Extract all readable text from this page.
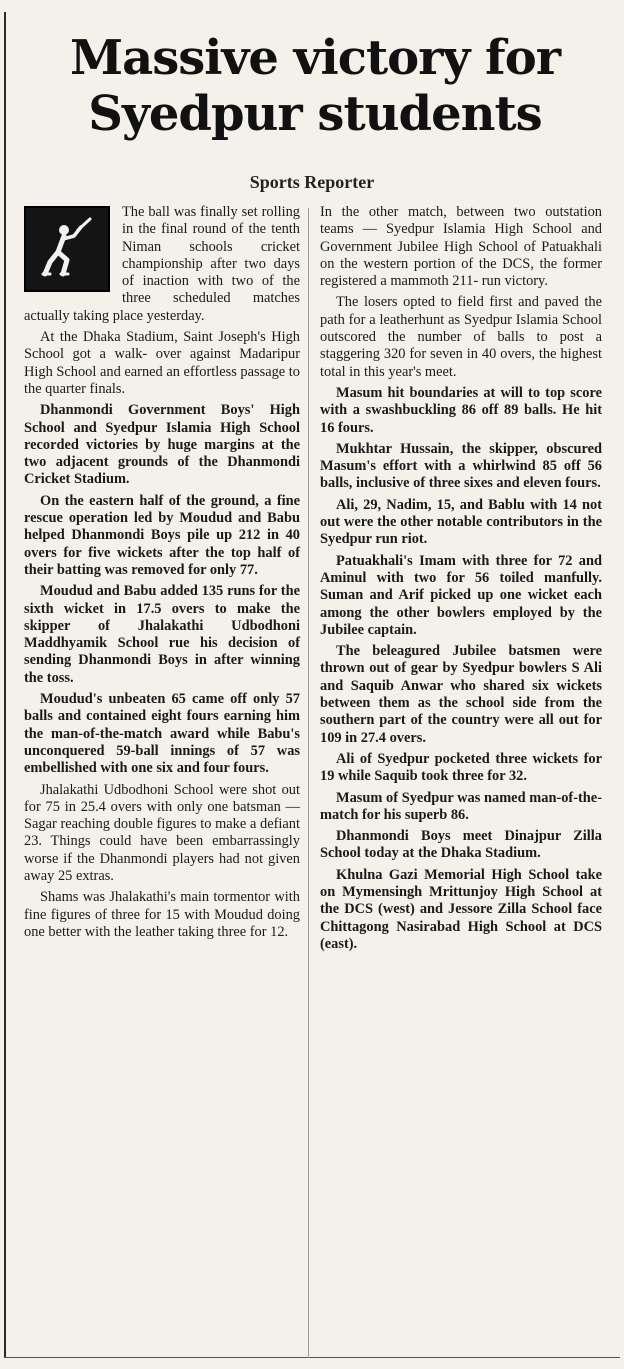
Massive victory for
Syedpur students
Sports Reporter

The ball was finally set rolling in the final round of the tenth Niman schools cricket championship after two days of inaction with two of the three scheduled matches actually taking place yesterday.

At the Dhaka Stadium, Saint Joseph's High School got a walk- over against Madaripur High School and earned an effortless passage to the quarter finals.

Dhanmondi Government Boys' High School and Syedpur Islamia High School recorded victories by huge margins at the two adjacent grounds of the Dhanmondi Cricket Stadium.

On the eastern half of the ground, a fine rescue operation led by Moudud and Babu helped Dhanmondi Boys pile up 212 in 40 overs for five wickets after the top half of their batting was removed for only 77.

Moudud and Babu added 135 runs for the sixth wicket in 17.5 overs to make the skipper of Jhalakathi Udbodhoni Maddhyamik School rue his decision of sending Dhanmondi Boys in after winning the toss.

Moudud's unbeaten 65 came off only 57 balls and contained eight fours earning him the man-of-the-match award while Babu's unconquered 59-ball innings of 57 was embellished with one six and four fours.

Jhalakathi Udbodhoni School were shot out for 75 in 25.4 overs with only one batsman — Sagar reaching double figures to make a defiant 23. Things could have been embarrassingly worse if the Dhanmondi players had not given away 25 extras.

Shams was Jhalakathi's main tormentor with fine figures of three for 15 with Moudud doing one better with the leather taking three for 12.

In the other match, between two outstation teams — Syedpur Islamia High School and Government Jubilee High School of Patuakhali on the western portion of the DCS, the former registered a mammoth 211- run victory.

The losers opted to field first and paved the path for a leatherhunt as Syedpur Islamia School outscored the number of balls to post a staggering 320 for seven in 40 overs, the highest total in this year's meet.

Masum hit boundaries at will to top score with a swashbuckling 86 off 89 balls. He hit 16 fours.

Mukhtar Hussain, the skipper, obscured Masum's effort with a whirlwind 85 off 56 balls, inclusive of three sixes and eleven fours.

Ali, 29, Nadim, 15, and Bablu with 14 not out were the other notable contributors in the Syedpur run riot.

Patuakhali's Imam with three for 72 and Aminul with two for 56 toiled manfully. Suman and Arif picked up one wicket each among the other bowlers employed by the Jubilee captain.

The beleagured Jubilee batsmen were thrown out of gear by Syedpur bowlers S Ali and Saquib Anwar who shared six wickets between them as the school side from the southern part of the country were all out for 109 in 27.4 overs.

Ali of Syedpur pocketed three wickets for 19 while Saquib took three for 32.

Masum of Syedpur was named man-of-the-match for his superb 86.

Dhanmondi Boys meet Dinajpur Zilla School today at the Dhaka Stadium.

Khulna Gazi Memorial High School take on Mymensingh Mrittunjoy High School at the DCS (west) and Jessore Zilla School face Chittagong Nasirabad High School at DCS (east).
